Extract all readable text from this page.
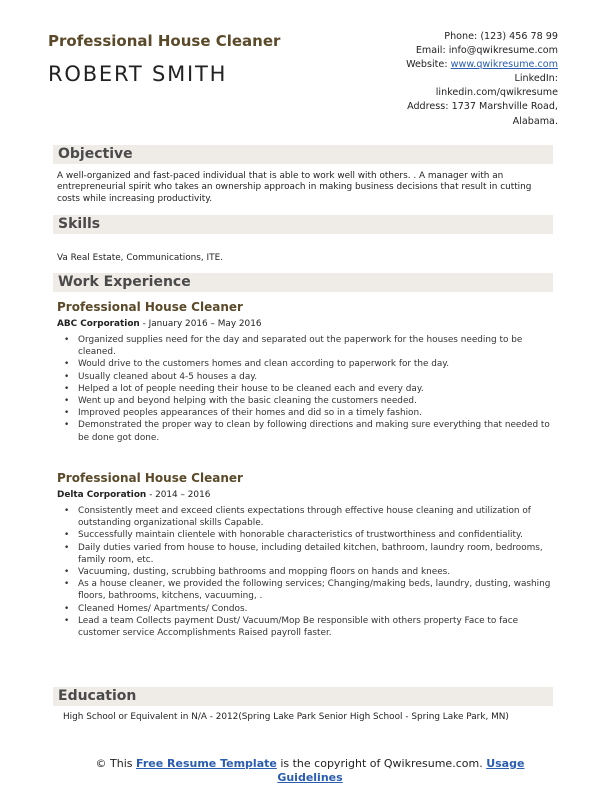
Professional House Cleaner
ROBERT SMITH
Phone: (123) 456 78 99
Email: info@qwikresume.com
Website: www.qwikresume.com
LinkedIn:
linkedin.com/qwikresume
Address: 1737 Marshville Road,
Alabama.
Objective
A well-organized and fast-paced individual that is able to work well with others. . A manager with an entrepreneurial spirit who takes an ownership approach in making business decisions that result in cutting costs while increasing productivity.
Skills
Va Real Estate, Communications, ITE.
Work Experience
Professional House Cleaner
ABC Corporation - January 2016 – May 2016
• Organized supplies need for the day and separated out the paperwork for the houses needing to be cleaned.
• Would drive to the customers homes and clean according to paperwork for the day.
• Usually cleaned about 4-5 houses a day.
• Helped a lot of people needing their house to be cleaned each and every day.
• Went up and beyond helping with the basic cleaning the customers needed.
• Improved peoples appearances of their homes and did so in a timely fashion.
• Demonstrated the proper way to clean by following directions and making sure everything that needed to be done got done.
Professional House Cleaner
Delta Corporation - 2014 – 2016
• Consistently meet and exceed clients expectations through effective house cleaning and utilization of outstanding organizational skills Capable.
• Successfully maintain clientele with honorable characteristics of trustworthiness and confidentiality.
• Daily duties varied from house to house, including detailed kitchen, bathroom, laundry room, bedrooms, family room, etc.
• Vacuuming, dusting, scrubbing bathrooms and mopping floors on hands and knees.
• As a house cleaner, we provided the following services; Changing/making beds, laundry, dusting, washing floors, bathrooms, kitchens, vacuuming, .
• Cleaned Homes/ Apartments/ Condos.
• Lead a team Collects payment Dust/ Vacuum/Mop Be responsible with others property Face to face customer service Accomplishments Raised payroll faster.
Education
High School or Equivalent in N/A - 2012(Spring Lake Park Senior High School - Spring Lake Park, MN)
© This Free Resume Template is the copyright of Qwikresume.com. Usage Guidelines
